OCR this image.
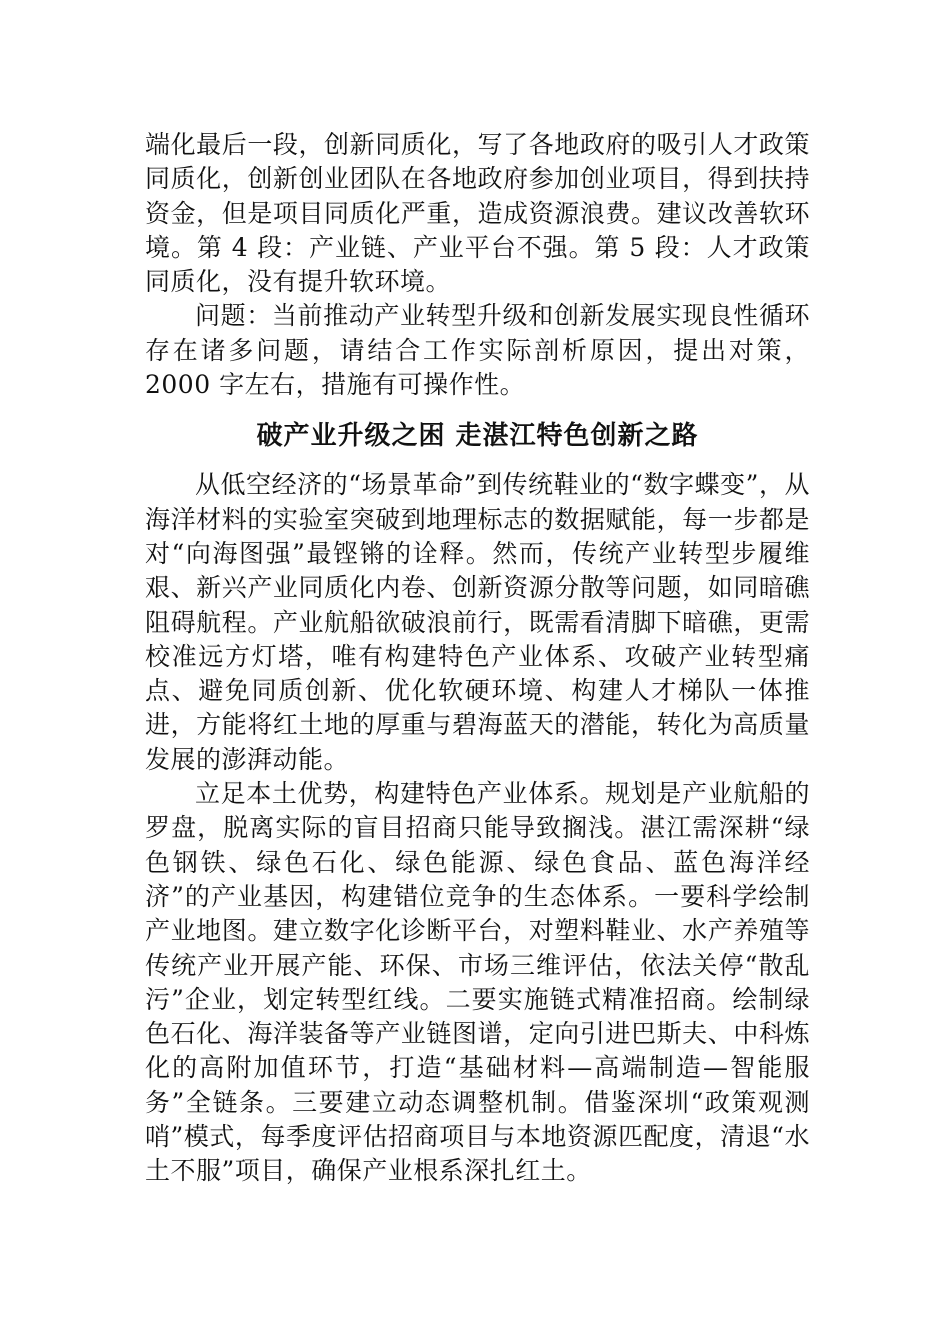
端化最后一段，创新同质化，写了各地政府的吸引人才政策同质化，创新创业团队在各地政府参加创业项目，得到扶持资金，但是项目同质化严重，造成资源浪费。建议改善软环境。第 4 段：产业链、产业平台不强。第 5 段：人才政策同质化，没有提升软环境。

问题：当前推动产业转型升级和创新发展实现良性循环存在诸多问题，请结合工作实际剖析原因，提出对策，2000 字左右，措施有可操作性。

破产业升级之困 走湛江特色创新之路

从低空经济的“场景革命”到传统鞋业的“数字蝶变”，从海洋材料的实验室突破到地理标志的数据赋能，每一步都是对“向海图强”最铿锵的诠释。然而，传统产业转型步履维艰、新兴产业同质化内卷、创新资源分散等问题，如同暗礁阻碍航程。产业航船欲破浪前行，既需看清脚下暗礁，更需校准远方灯塔，唯有构建特色产业体系、攻破产业转型痛点、避免同质创新、优化软硬环境、构建人才梯队一体推进，方能将红土地的厚重与碧海蓝天的潜能，转化为高质量发展的澎湃动能。

立足本土优势，构建特色产业体系。规划是产业航船的罗盘，脱离实际的盲目招商只能导致搁浅。湛江需深耕“绿色钢铁、绿色石化、绿色能源、绿色食品、蓝色海洋经济”的产业基因，构建错位竞争的生态体系。一要科学绘制产业地图。建立数字化诊断平台，对塑料鞋业、水产养殖等传统产业开展产能、环保、市场三维评估，依法关停“散乱污”企业，划定转型红线。二要实施链式精准招商。绘制绿色石化、海洋装备等产业链图谱，定向引进巴斯夫、中科炼化的高附加值环节，打造“基础材料—高端制造—智能服务”全链条。三要建立动态调整机制。借鉴深圳“政策观测哨”模式，每季度评估招商项目与本地资源匹配度，清退“水土不服”项目，确保产业根系深扎红土。
